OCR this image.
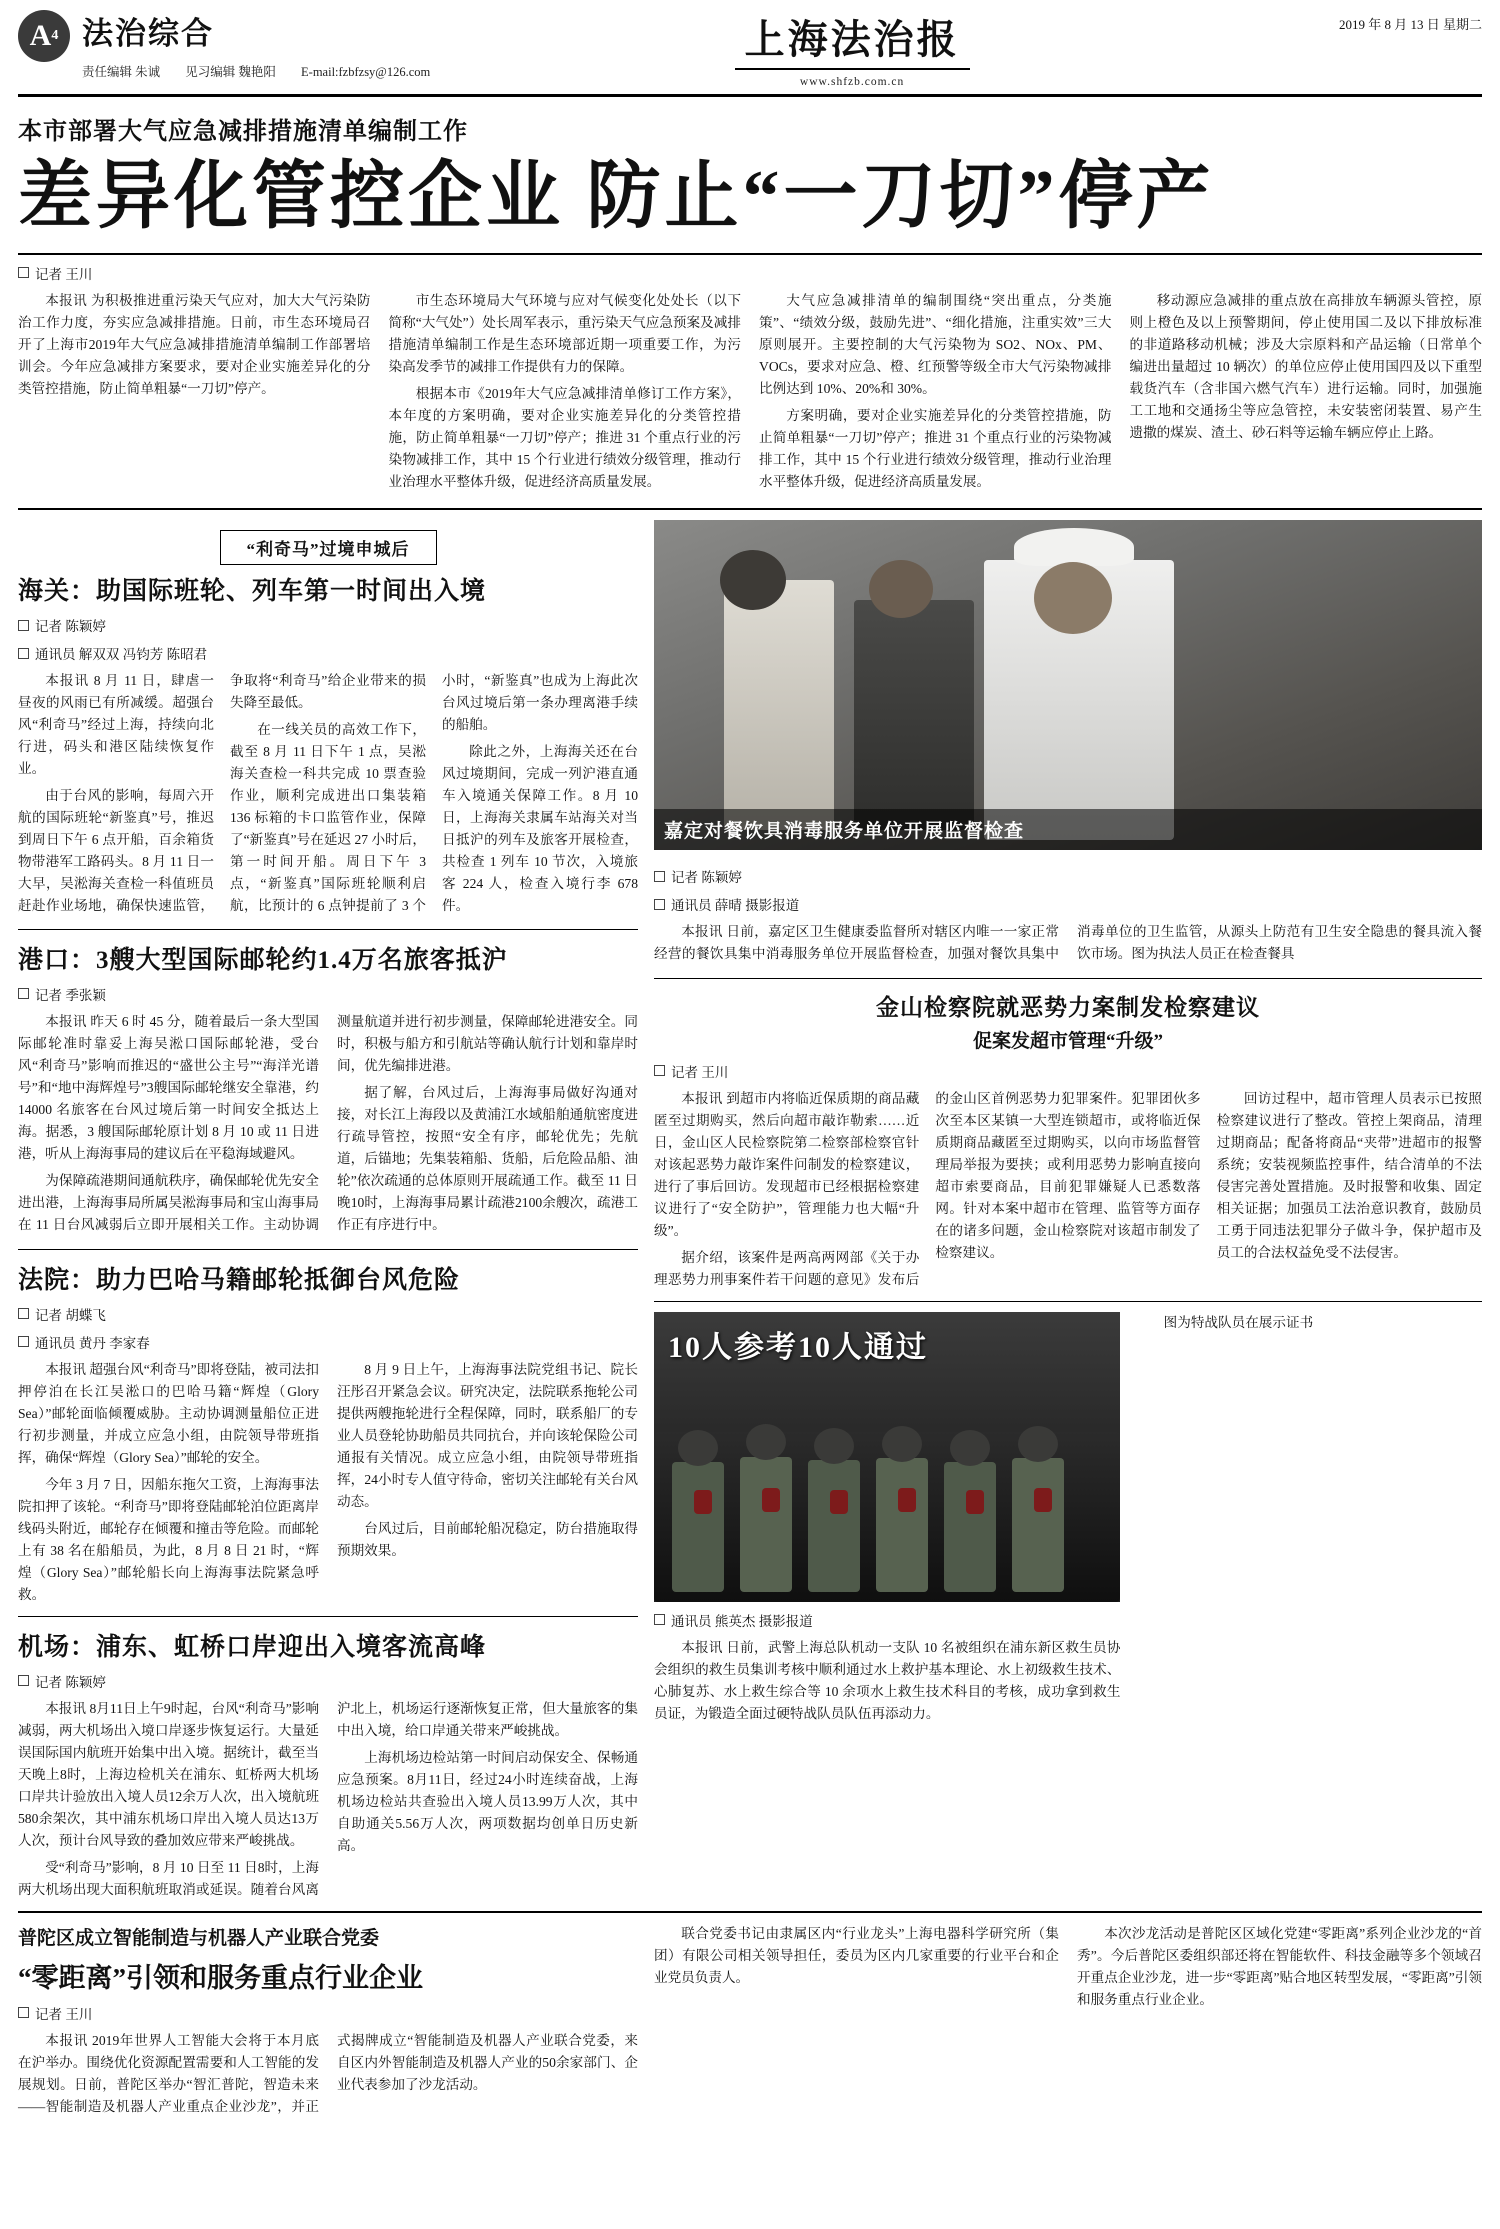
A 4 法治综合
责任编辑 朱诚 见习编辑 魏艳阳 E-mail:fzbfzsy@126.com
上海法治报
www.shfzb.com.cn
2019 年 8 月 13 日 星期二
本市部署大气应急减排措施清单编制工作
差异化管控企业 防止“一刀切”停产
记者 王川

本报讯 为积极推进重污染天气应对，加大大气污染防治工作力度，夯实应急减排措施。日前，市生态环境局召开了上海市2019年大气应急减排措施清单编制工作部署培训会。今年应急减排方案要求，要对企业实施差异化的分类管控措施，防止简单粗暴“一刀切”停产。

市生态环境局大气环境与应对气候变化处处长（以下简称“大气处”）处长周军表示，重污染天气应急预案及减排措施清单编制工作是生态环境部近期一项重要工作，为污染高发季节的减排工作提供有力的保障。

根据本市《2019年大气应急减排清单修订工作方案》，本年度的方案明确，要对企业实施差异化的分类管控措施，防止简单粗暴“一刀切”停产；推进 31 个重点行业的污染物减排工作，其中 15 个行业进行绩效分级管理，推动行业治理水平整体升级，促进经济高质量发展。

大气应急减排清单的编制围绕“突出重点，分类施策”、“绩效分级，鼓励先进”、“细化措施，注重实效”三大原则展开。主要控制的大气污染物为 SO2、NOx、PM、VOCs，要求对应急、橙、红预警等级全市大气污染物减排比例达到 10%、20%和 30%。

方案明确，要对企业实施差异化的分类管控措施，防止简单粗暴“一刀切”停产；推进 31 个重点行业的污染物减排工作，其中 15 个行业进行绩效分级管理，推动行业治理水平整体升级，促进经济高质量发展。

移动源应急减排的重点放在高排放车辆源头管控，原则上橙色及以上预警期间，停止使用国二及以下排放标准的非道路移动机械；涉及大宗原料和产品运输（日常单个编进出量超过 10 辆次）的单位应停止使用国四及以下重型载货汽车（含非国六燃气汽车）进行运输。同时，加强施工工地和交通扬尘等应急管控，未安装密闭装置、易产生遗撒的煤炭、渣土、砂石料等运输车辆应停止上路。

“利奇马”过境申城后
海关：助国际班轮、列车第一时间出入境
记者 陈颖婷
通讯员 解双双 冯钧芳 陈昭君

本报讯 8 月 11 日，肆虐一昼夜的风雨已有所减缓。超强台风“利奇马”经过上海，持续向北行进，码头和港区陆续恢复作业。

由于台风的影响，每周六开航的国际班轮“新鉴真”号，推迟到周日下午 6 点开船，百余箱货物带港军工路码头。8 月 11 日一大早，吴淞海关查检一科值班员赶赴作业场地，确保快速监管，争取将“利奇马”给企业带来的损失降至最低。

在一线关员的高效工作下，截至 8 月 11 日下午 1 点，吴淞海关查检一科共完成 10 票查验作业，顺利完成进出口集装箱 136 标箱的卡口监管作业，保障了“新鉴真”号在延迟 27 小时后，第一时间开船。周日下午 3 点，“新鉴真”国际班轮顺利启航，比预计的 6 点钟提前了 3 个小时，“新鉴真”也成为上海此次台风过境后第一条办理离港手续的船舶。

除此之外，上海海关还在台风过境期间，完成一列沪港直通车入境通关保障工作。8 月 10 日，上海海关隶属车站海关对当日抵沪的列车及旅客开展检查，共检查 1 列车 10 节次，入境旅客 224 人，检查入境行李 678 件。

港口：3艘大型国际邮轮约1.4万名旅客抵沪
记者 季张颖

本报讯 昨天 6 时 45 分，随着最后一条大型国际邮轮准时靠妥上海吴淞口国际邮轮港，受台风“利奇马”影响而推迟的“盛世公主号”“海洋光谱号”和“地中海辉煌号”3艘国际邮轮继安全靠港，约 14000 名旅客在台风过境后第一时间安全抵达上海。据悉，3 艘国际邮轮原计划 8 月 10 或 11 日进港，听从上海海事局的建议后在平稳海域避风。

为保障疏港期间通航秩序，确保邮轮优先安全进出港，上海海事局所属吴淞海事局和宝山海事局在 11 日台风减弱后立即开展相关工作。主动协调测量航道并进行初步测量，保障邮轮进港安全。同时，积极与船方和引航站等确认航行计划和靠岸时间，优先编排进港。

据了解，台风过后，上海海事局做好沟通对接，对长江上海段以及黄浦江水域船舶通航密度进行疏导管控，按照“安全有序，邮轮优先；先航道，后锚地；先集装箱船、货船，后危险品船、油轮”依次疏通的总体原则开展疏通工作。截至 11 日晚10时，上海海事局累计疏港2100余艘次，疏港工作正有序进行中。

法院：助力巴哈马籍邮轮抵御台风危险
记者 胡蝶飞
通讯员 黄丹 李家春

本报讯 超强台风“利奇马”即将登陆，被司法扣押停泊在长江吴淞口的巴哈马籍“辉煌（Glory Sea）”邮轮面临倾覆威胁。主动协调测量船位正进行初步测量，并成立应急小组，由院领导带班指挥，确保“辉煌（Glory Sea）”邮轮的安全。

今年 3 月 7 日，因船东拖欠工资，上海海事法院扣押了该轮。“利奇马”即将登陆邮轮泊位距离岸线码头附近，邮轮存在倾覆和撞击等危险。而邮轮上有 38 名在船船员，为此，8 月 8 日 21 时，“辉煌（Glory Sea）”邮轮船长向上海海事法院紧急呼救。

8 月 9 日上午，上海海事法院党组书记、院长汪彤召开紧急会议。研究决定，法院联系拖轮公司提供两艘拖轮进行全程保障，同时，联系船厂的专业人员登轮协助船员共同抗台，并向该轮保险公司通报有关情况。成立应急小组，由院领导带班指挥，24小时专人值守待命，密切关注邮轮有关台风动态。

台风过后，目前邮轮船况稳定，防台措施取得预期效果。

机场：浦东、虹桥口岸迎出入境客流高峰
记者 陈颖婷

本报讯 8月11日上午9时起，台风“利奇马”影响减弱，两大机场出入境口岸逐步恢复运行。大量延误国际国内航班开始集中出入境。据统计，截至当天晚上8时，上海边检机关在浦东、虹桥两大机场口岸共计验放出入境人员12余万人次，出入境航班580余架次，其中浦东机场口岸出入境人员达13万人次，预计台风导致的叠加效应带来严峻挑战。

受“利奇马”影响，8 月 10 日至 11 日8时，上海两大机场出现大面积航班取消或延误。随着台风离沪北上，机场运行逐渐恢复正常，但大量旅客的集中出入境，给口岸通关带来严峻挑战。

上海机场边检站第一时间启动保安全、保畅通应急预案。8月11日，经过24小时连续奋战，上海机场边检站共查验出入境人员13.99万人次，其中自助通关5.56万人次，两项数据均创单日历史新高。

嘉定对餐饮具消毒服务单位开展监督检查
记者 陈颖婷
通讯员 薛晴 摄影报道

本报讯 日前，嘉定区卫生健康委监督所对辖区内唯一一家正常经营的餐饮具集中消毒服务单位开展监督检查，加强对餐饮具集中消毒单位的卫生监管，从源头上防范有卫生安全隐患的餐具流入餐饮市场。图为执法人员正在检查餐具

金山检察院就恶势力案制发检察建议
促案发超市管理“升级”
记者 王川

本报讯 到超市内将临近保质期的商品藏匿至过期购买，然后向超市敲诈勒索……近日，金山区人民检察院第二检察部检察官针对该起恶势力敲诈案件问制发的检察建议，进行了事后回访。发现超市已经根据检察建议进行了“安全防护”，管理能力也大幅“升级”。

据介绍，该案件是两高两网部《关于办理恶势力刑事案件若干问题的意见》发布后的金山区首例恶势力犯罪案件。犯罪团伙多次至本区某镇一大型连锁超市，或将临近保质期商品藏匿至过期购买，以向市场监督管理局举报为要挟；或利用恶势力影响直接向超市索要商品，目前犯罪嫌疑人已悉数落网。针对本案中超市在管理、监管等方面存在的诸多问题，金山检察院对该超市制发了检察建议。

回访过程中，超市管理人员表示已按照检察建议进行了整改。管控上架商品，清理过期商品；配备将商品“夹带”进超市的报警系统；安装视频监控事件，结合清单的不法侵害完善处置措施。及时报警和收集、固定相关证据；加强员工法治意识教育，鼓励员工勇于同违法犯罪分子做斗争，保护超市及员工的合法权益免受不法侵害。

10人参考10人通过
通讯员 熊英杰 摄影报道

本报讯 日前，武警上海总队机动一支队 10 名被组织在浦东新区救生员协会组织的救生员集训考核中顺利通过水上救护基本理论、水上初级救生技术、心肺复苏、水上救生综合等 10 余项水上救生技术科目的考核，成功拿到救生员证，为锻造全面过硬特战队员队伍再添动力。

图为特战队员在展示证书

普陀区成立智能制造与机器人产业联合党委
“零距离”引领和服务重点行业企业
记者 王川

本报讯 2019年世界人工智能大会将于本月底在沪举办。围绕优化资源配置需要和人工智能的发展规划。日前，普陀区举办“智汇普陀，智造未来——智能制造及机器人产业重点企业沙龙”，并正式揭牌成立“智能制造及机器人产业联合党委，来自区内外智能制造及机器人产业的50余家部门、企业代表参加了沙龙活动。

联合党委书记由隶属区内“行业龙头”上海电器科学研究所（集团）有限公司相关领导担任，委员为区内几家重要的行业平台和企业党员负责人。

本次沙龙活动是普陀区区域化党建“零距离”系列企业沙龙的“首秀”。今后普陀区委组织部还将在智能软件、科技金融等多个领域召开重点企业沙龙，进一步“零距离”贴合地区转型发展，“零距离”引领和服务重点行业企业。
